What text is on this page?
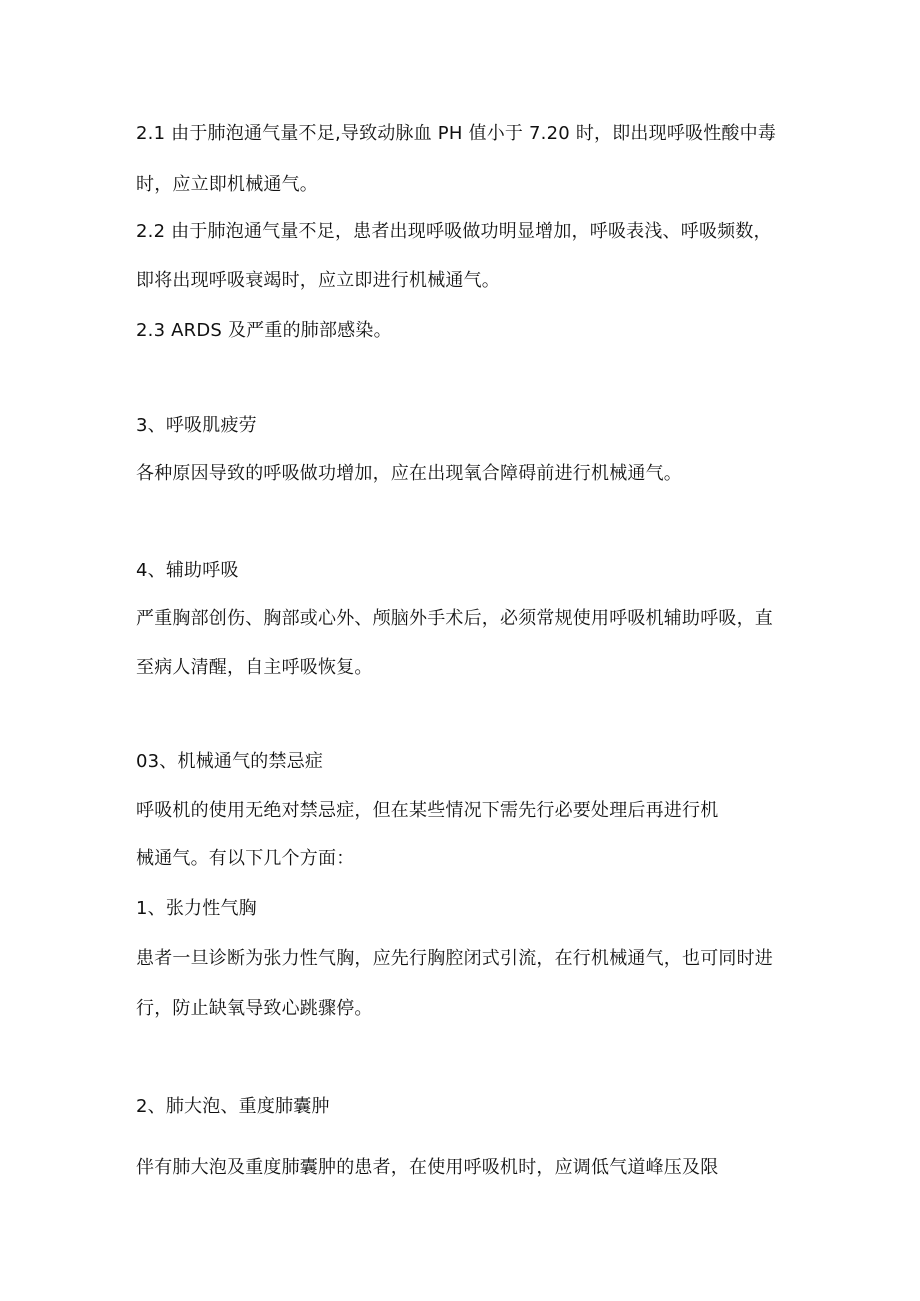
2.1 由于肺泡通气量不足,导致动脉血 PH 值小于 7.20 时，即出现呼吸性酸中毒
时，应立即机械通气。
2.2 由于肺泡通气量不足，患者出现呼吸做功明显增加，呼吸表浅、呼吸频数，
即将出现呼吸衰竭时，应立即进行机械通气。
2.3 ARDS 及严重的肺部感染。
3、呼吸肌疲劳
各种原因导致的呼吸做功增加，应在出现氧合障碍前进行机械通气。
4、辅助呼吸
严重胸部创伤、胸部或心外、颅脑外手术后，必须常规使用呼吸机辅助呼吸，直
至病人清醒，自主呼吸恢复。
03、机械通气的禁忌症
呼吸机的使用无绝对禁忌症，但在某些情况下需先行必要处理后再进行机
械通气。有以下几个方面：
1、张力性气胸
患者一旦诊断为张力性气胸，应先行胸腔闭式引流，在行机械通气，也可同时进
行，防止缺氧导致心跳骤停。
2、肺大泡、重度肺囊肿
伴有肺大泡及重度肺囊肿的患者，在使用呼吸机时，应调低气道峰压及限
